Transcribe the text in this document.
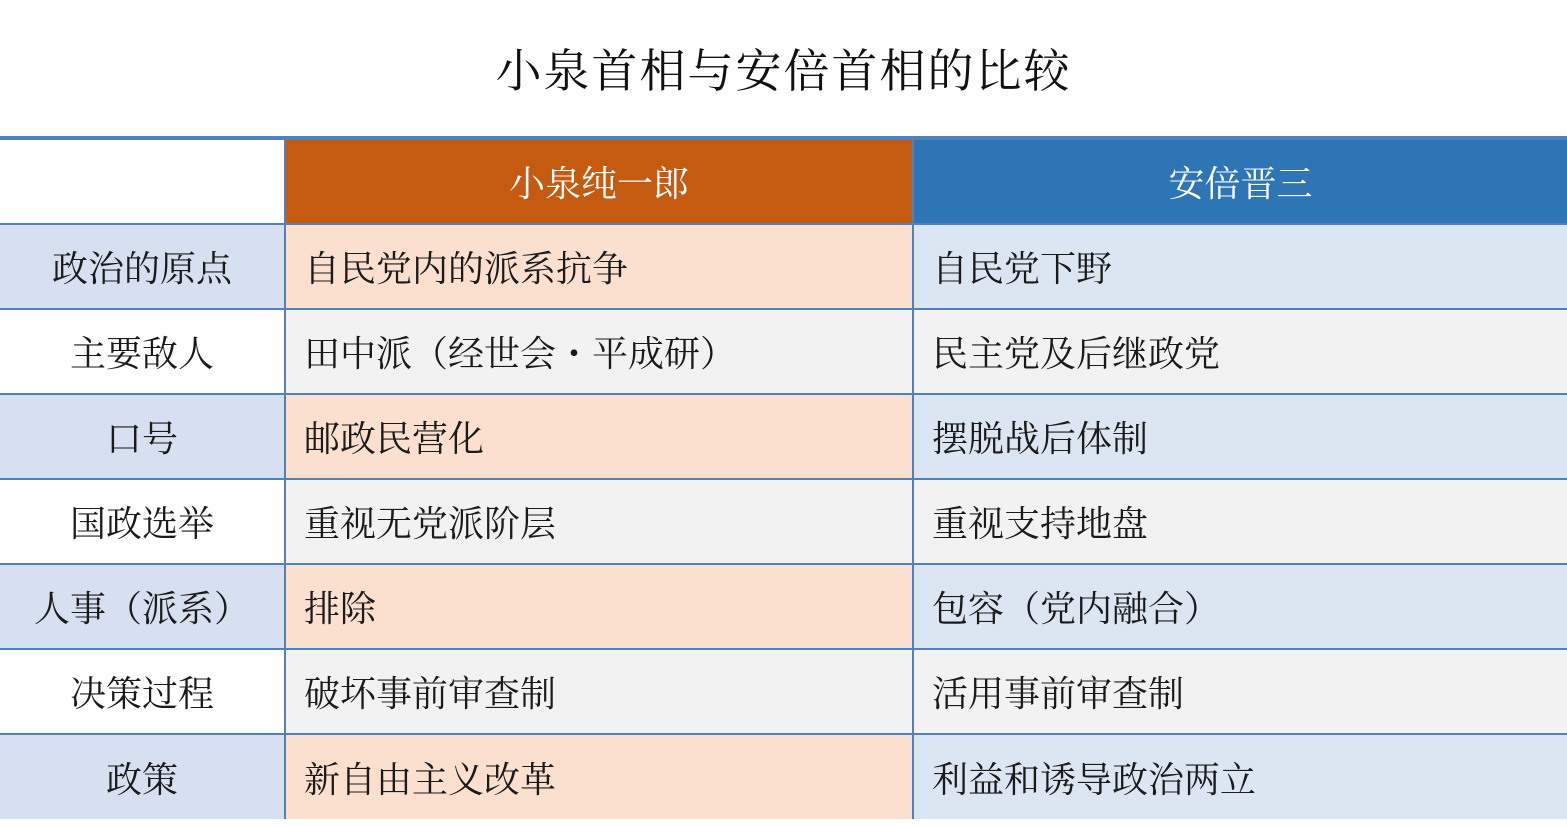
小泉首相与安倍首相的比较
	小泉纯一郎	安倍晋三
政治的原点	自民党内的派系抗争	自民党下野
主要敌人	田中派（经世会・平成研）	民主党及后继政党
口号	邮政民营化	摆脱战后体制
国政选举	重视无党派阶层	重视支持地盘
人事（派系）	排除	包容（党内融合）
决策过程	破坏事前审查制	活用事前审查制
政策	新自由主义改革	利益和诱导政治两立
